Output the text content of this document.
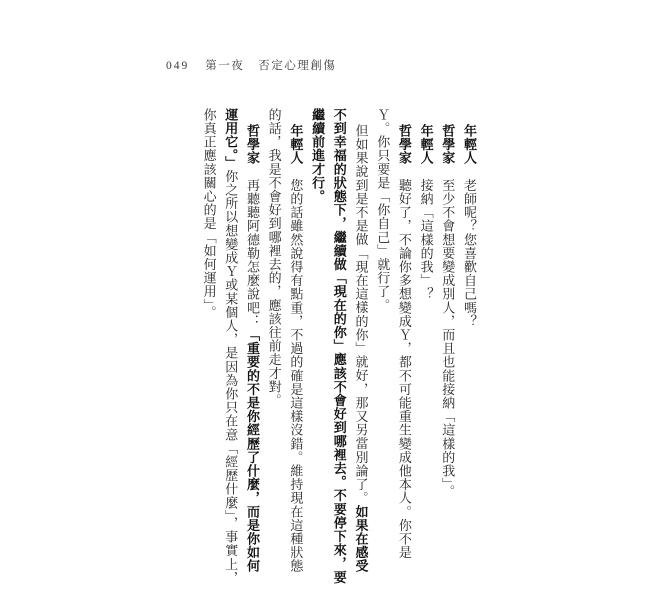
049 第一夜 否定心理創傷
年輕人　老師呢？您喜歡自己嗎？
哲學家　至少不會想要變成別人，而且也能接納「這樣的我」。
年輕人　接納「這樣的我」？
哲學家　聽好了，不論你多想變成Ｙ，都不可能重生變成他本人。你不是
Ｙ。你只要是「你自己」就行了。
但如果說到是不是做「現在這樣的你」就好，那又另當別論了。如果在感受
不到幸福的狀態下，繼續做「現在的你」應該不會好到哪裡去。不要停下來，要
繼續前進才行。
年輕人　您的話雖然說得有點重，不過的確是這樣沒錯。維持現在這種狀態
的話，我是不會好到哪裡去的，應該往前走才對。
哲學家　再聽聽阿德勒怎麼說吧：「重要的不是你經歷了什麼，而是你如何
運用它。」你之所以想變成Ｙ或某個人，是因為你只在意「經歷什麼」，事實上，
你真正應該關心的是「如何運用」。
